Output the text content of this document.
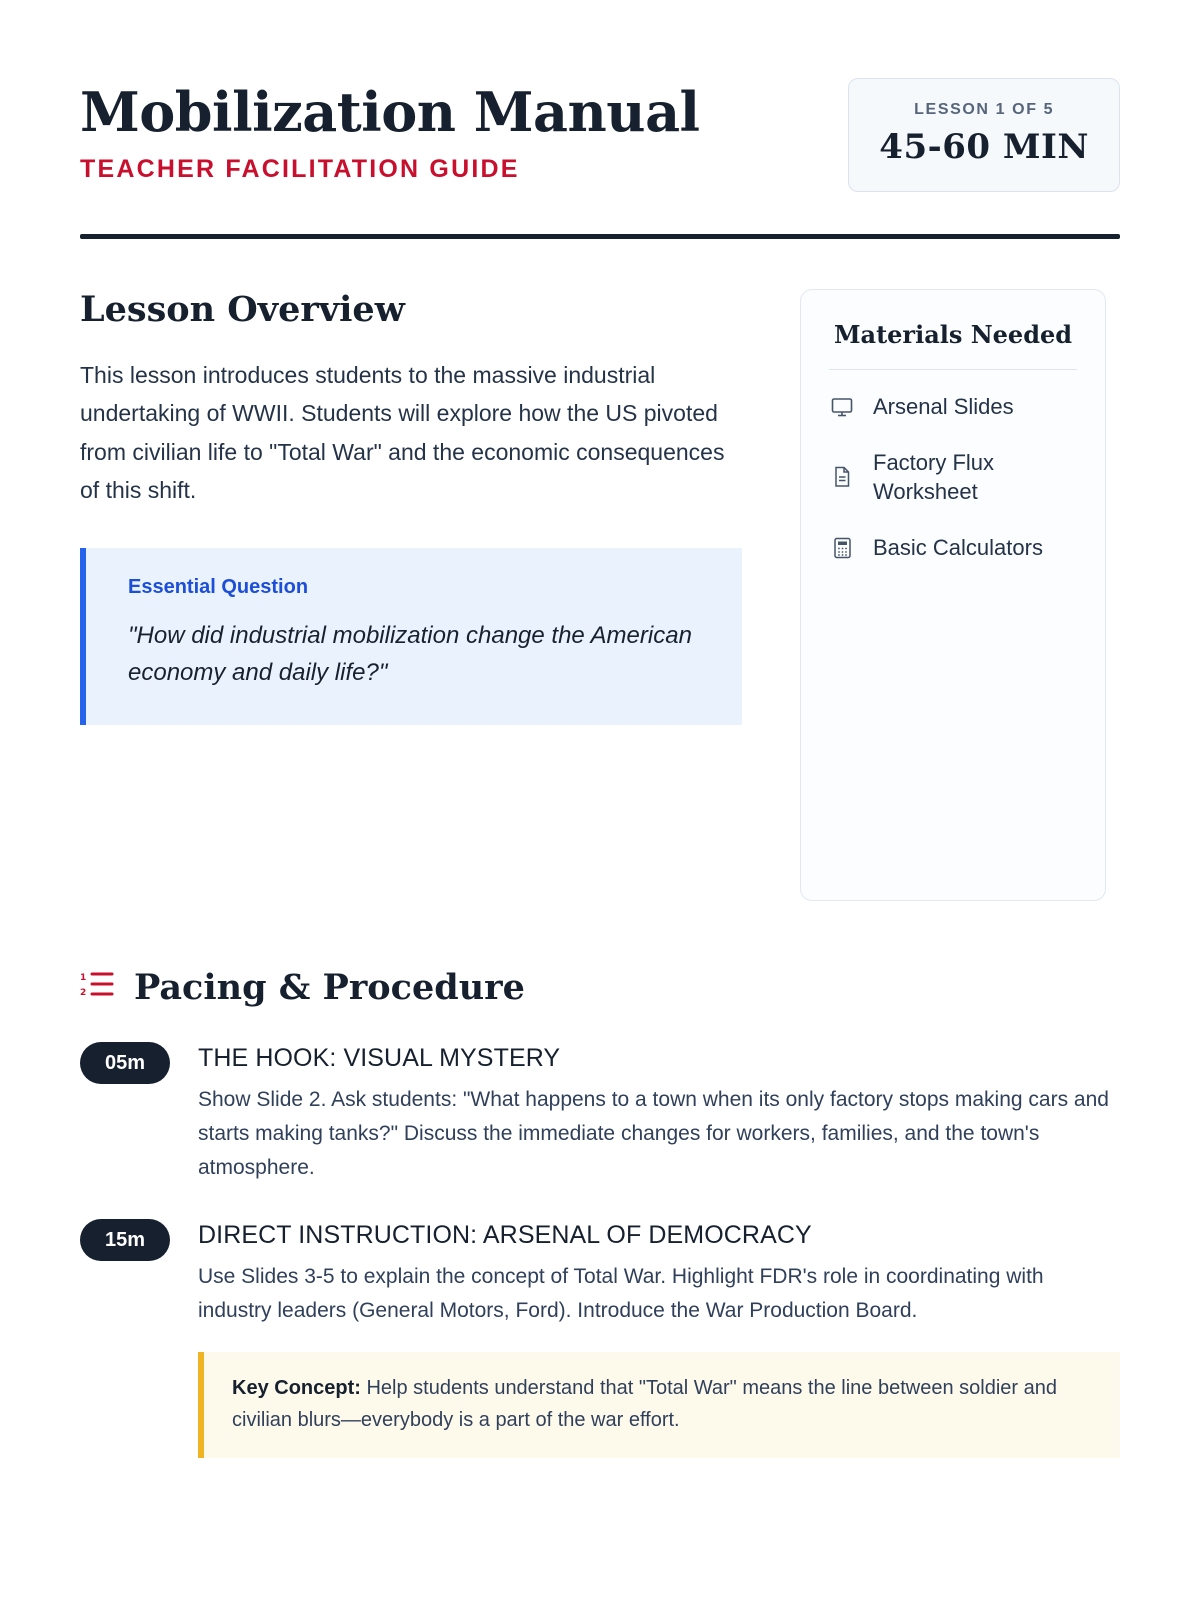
Mobilization Manual
TEACHER FACILITATION GUIDE
LESSON 1 OF 5
45-60 MIN
Lesson Overview

This lesson introduces students to the massive industrial undertaking of WWII. Students will explore how the US pivoted from civilian life to "Total War" and the economic consequences of this shift.

Essential Question
"How did industrial mobilization change the American economy and daily life?"
Materials Needed
Arsenal Slides
Factory Flux Worksheet
Basic Calculators
1
2 Pacing & Procedure
05m	THE HOOK: VISUAL MYSTERY

Show Slide 2. Ask students: "What happens to a town when its only factory stops making cars and starts making tanks?" Discuss the immediate changes for workers, families, and the town's atmosphere.

15m	DIRECT INSTRUCTION: ARSENAL OF DEMOCRACY

Use Slides 3-5 to explain the concept of Total War. Highlight FDR's role in coordinating with industry leaders (General Motors, Ford). Introduce the War Production Board.

Key Concept: Help students understand that "Total War" means the line between soldier and civilian blurs—everybody is a part of the war effort.
